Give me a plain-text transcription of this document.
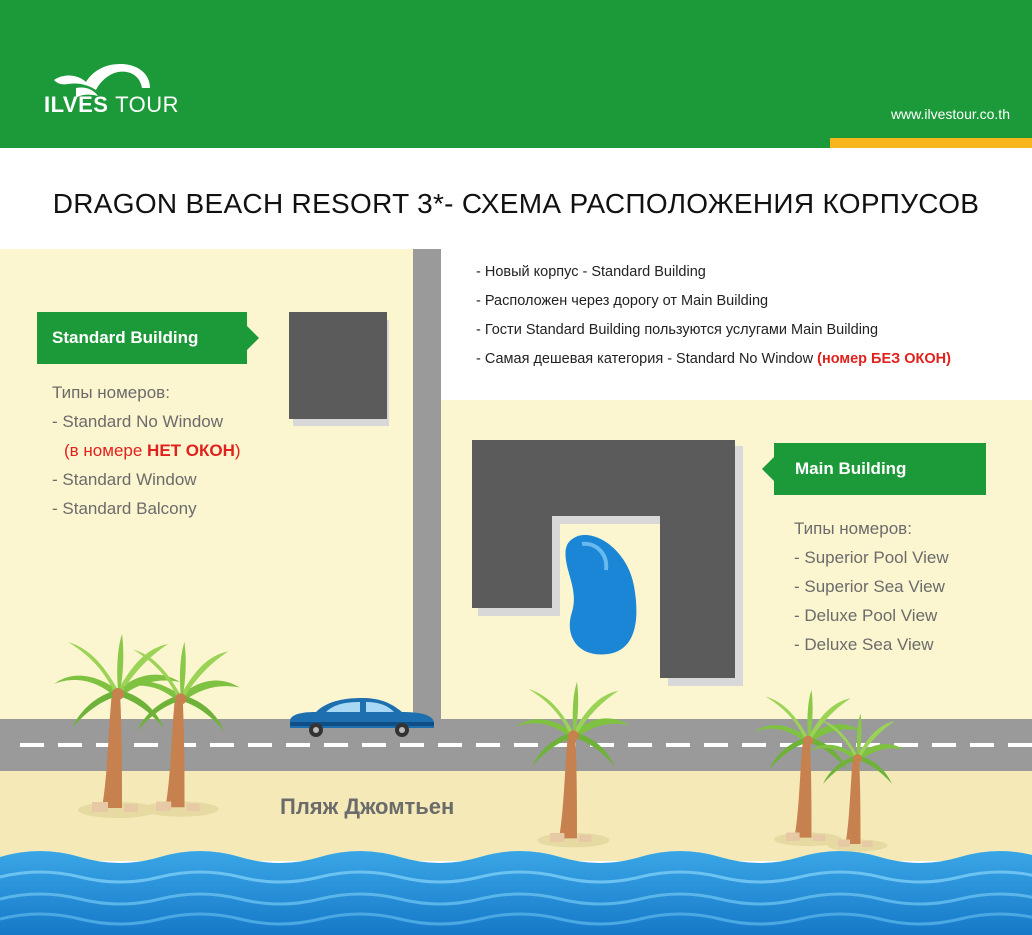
ILVES TOUR	www.ilvestour.co.th
DRAGON BEACH RESORT 3*- СХЕМА РАСПОЛОЖЕНИЯ КОРПУСОВ
Standard Building
Типы номеров:
- Standard No Window
(в номере НЕТ ОКОН)
- Standard Window
- Standard Balcony
- Новый корпус - Standard Building
- Расположен через дорогу от Main Building
- Гости Standard Building пользуются услугами Main Building
- Самая дешевая категория - Standard No Window (номер БЕЗ ОКОН)
Main Building
Типы номеров:
- Superior Pool View
- Superior Sea View
- Deluxe Pool View
- Deluxe Sea View
Пляж Джомтьен
